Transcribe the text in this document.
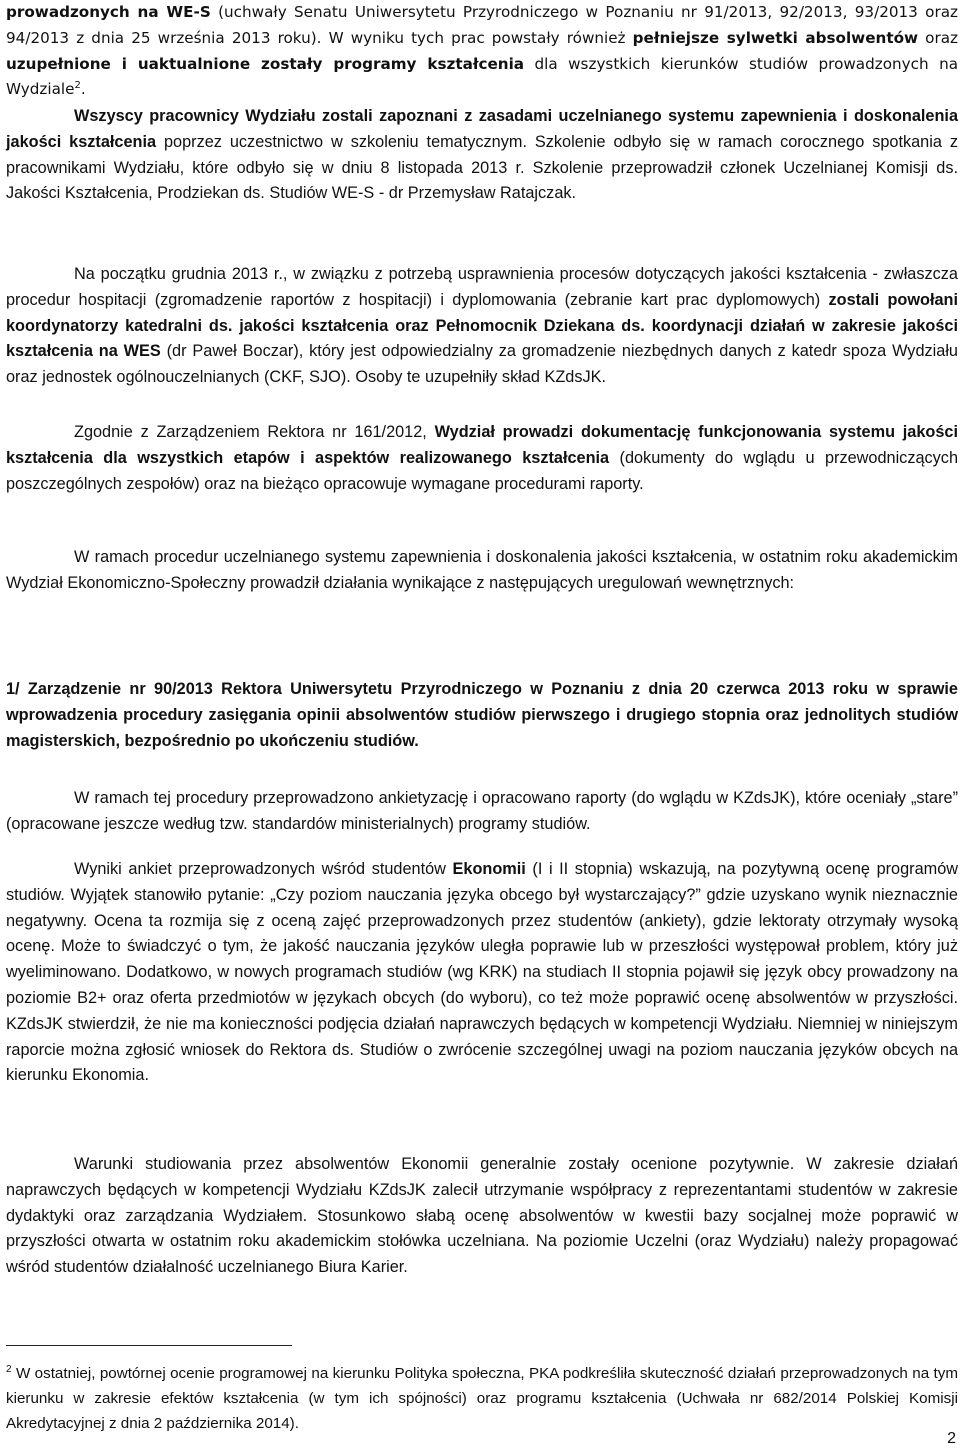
prowadzonych na WE-S (uchwały Senatu Uniwersytetu Przyrodniczego w Poznaniu nr 91/2013, 92/2013, 93/2013 oraz 94/2013 z dnia 25 września 2013 roku). W wyniku tych prac powstały również pełniejsze sylwetki absolwentów oraz uzupełnione i uaktualnione zostały programy kształcenia dla wszystkich kierunków studiów prowadzonych na Wydziale$^2$.

Wszyscy pracownicy Wydziału zostali zapoznani z zasadami uczelnianego systemu zapewnienia i doskonalenia jakości kształcenia poprzez uczestnictwo w szkoleniu tematycznym. Szkolenie odbyło się w ramach corocznego spotkania z pracownikami Wydziału, które odbyło się w dniu 8 listopada 2013 r. Szkolenie przeprowadził członek Uczelnianej Komisji ds. Jakości Kształcenia, Prodziekan ds. Studiów WE-S - dr Przemysław Ratajczak.

Na początku grudnia 2013 r., w związku z potrzebą usprawnienia procesów dotyczących jakości kształcenia - zwłaszcza procedur hospitacji (zgromadzenie raportów z hospitacji) i dyplomowania (zebranie kart prac dyplomowych) zostali powołani koordynatorzy katedralni ds. jakości kształcenia oraz Pełnomocnik Dziekana ds. koordynacji działań w zakresie jakości kształcenia na WES (dr Paweł Boczar), który jest odpowiedzialny za gromadzenie niezbędnych danych z katedr spoza Wydziału oraz jednostek ogólnouczelnianych (CKF, SJO). Osoby te uzupełniły skład KZdsJK.

Zgodnie z Zarządzeniem Rektora nr 161/2012, Wydział prowadzi dokumentację funkcjonowania systemu jakości kształcenia dla wszystkich etapów i aspektów realizowanego kształcenia (dokumenty do wglądu u przewodniczących poszczególnych zespołów) oraz na bieżąco opracowuje wymagane procedurami raporty.

W ramach procedur uczelnianego systemu zapewnienia i doskonalenia jakości kształcenia, w ostatnim roku akademickim Wydział Ekonomiczno-Społeczny prowadził działania wynikające z następujących uregulowań wewnętrznych:

1/ Zarządzenie nr 90/2013 Rektora Uniwersytetu Przyrodniczego w Poznaniu z dnia 20 czerwca 2013 roku w sprawie wprowadzenia procedury zasięgania opinii absolwentów studiów pierwszego i drugiego stopnia oraz jednolitych studiów magisterskich, bezpośrednio po ukończeniu studiów.

W ramach tej procedury przeprowadzono ankietyzację i opracowano raporty (do wglądu w KZdsJK), które oceniały „stare” (opracowane jeszcze według tzw. standardów ministerialnych) programy studiów.

Wyniki ankiet przeprowadzonych wśród studentów Ekonomii (I i II stopnia) wskazują, na pozytywną ocenę programów studiów. Wyjątek stanowiło pytanie: „Czy poziom nauczania języka obcego był wystarczający?” gdzie uzyskano wynik nieznacznie negatywny. Ocena ta rozmija się z oceną zajęć przeprowadzonych przez studentów (ankiety), gdzie lektoraty otrzymały wysoką ocenę. Może to świadczyć o tym, że jakość nauczania języków uległa poprawie lub w przeszłości występował problem, który już wyeliminowano. Dodatkowo, w nowych programach studiów (wg KRK) na studiach II stopnia pojawił się język obcy prowadzony na poziomie B2+ oraz oferta przedmiotów w językach obcych (do wyboru), co też może poprawić ocenę absolwentów w przyszłości. KZdsJK stwierdził, że nie ma konieczności podjęcia działań naprawczych będących w kompetencji Wydziału. Niemniej w niniejszym raporcie można zgłosić wniosek do Rektora ds. Studiów o zwrócenie szczególnej uwagi na poziom nauczania języków obcych na kierunku Ekonomia.

Warunki studiowania przez absolwentów Ekonomii generalnie zostały ocenione pozytywnie. W zakresie działań naprawczych będących w kompetencji Wydziału KZdsJK zalecił utrzymanie współpracy z reprezentantami studentów w zakresie dydaktyki oraz zarządzania Wydziałem. Stosunkowo słabą ocenę absolwentów w kwestii bazy socjalnej może poprawić w przyszłości otwarta w ostatnim roku akademickim stołówka uczelniana. Na poziomie Uczelni (oraz Wydziału) należy propagować wśród studentów działalność uczelnianego Biura Karier.

$^2$ W ostatniej, powtórnej ocenie programowej na kierunku Polityka społeczna, PKA podkreśliła skuteczność działań przeprowadzonych na tym kierunku w zakresie efektów kształcenia (w tym ich spójności) oraz programu kształcenia (Uchwała nr 682/2014 Polskiej Komisji Akredytacyjnej z dnia 2 października 2014).

2
